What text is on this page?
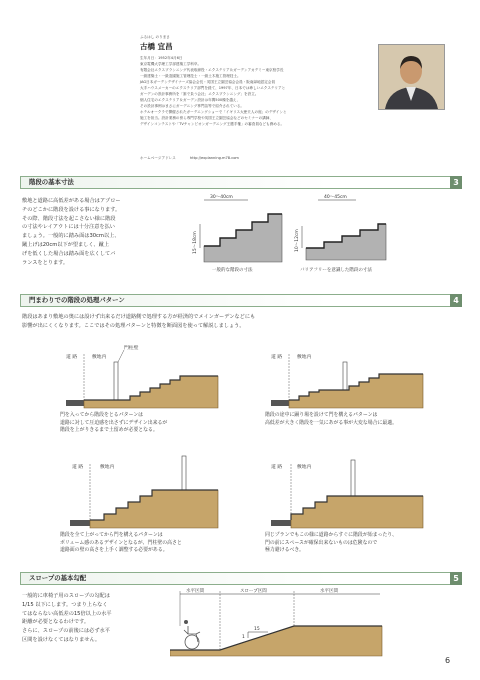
ふるはし のりまさ
古橋 宜昌

生年月日：1952年4月6日

東京電機大学理工学部建築工学科卒。

有限会社エクスプランニング代表取締役・エクステリア＆ガーデンアカデミー東京校学長

一級建築士・一級造園施工管理技士・一級土木施工管理技士。

JAG日本ガーデンデザイナーズ協会会長・英国王立園芸協会会員・阪南緑地認定会員

大手ハウスメーカーのエクステリア部門を経て、1997年、日本では珍しいエクステリアと

ガーデンの設計事務所を「誰で負う会社」エクスプランニング」を設立。

個人住宅のエクステリア＆ガーデン設計は年間500棟を越え、

その設計事例はまさにガーデニング専門誌等で紹介されている。

ホテルオークラで開催されたガーデニングショーで「イギリス大使夫人の庭」のデザインと

施工を担当。設計業務の傍ら専門学校や英国王立園芸協会などのセミナーの講師、

デザインコンテストや「TVチャンピオンガーデニング王選手権」の審査員なども務める。

ホームページアドレス	http://explanning.m78.com
階段の基本寸法	3
敷地と道路に高低差がある場合はアプロー
チのどこかに階段を設ける事になります。
その際、階段寸法を起こさない様に階段
の寸法やレイアウトには十分注意を払い
ましょう。一般的に踏み面は30cm以上、
蹴上げは20cm以下が望ましく、蹴上
げを低くした場合は踏み面を広くしてバ
ランスをとります。
30〜40cm
15〜18cm
一般的な階段の寸法
40〜45cm
10〜12cm
バリアフリーを意識した階段の寸法
門まわりでの階段の処理パターン	4
階段はあまり敷地の奥には設けず出来るだけ道路側で処理する方が経済的でメインガーデンなどにも
影響が出にくくなります。ここではその処理パターンと特徴を断面図を使って解説しましょう。
道 路	敷地内
門柱壁
門を入ってから階段をとるパターンは
道路に対して圧迫感を出さずにデザイン出来るが
階段を上がりきるまで土留めが必要となる。
道 路	敷地内
階段の途中に踊り場を設けて門を構えるパターンは
高低差が大きく階段を一気にあがる事が大変な場合に最適。
道 路	敷地内
階段を全て上がってから門を構えるパターンは
ボリューム感のあるデザインとなるが、門柱壁の高さと
道路面の壁の高さを上手く調整する必要がある。
道 路	敷地内
同じプランでもこの様に道路からすぐに階段が始まったり、
門の前にスペースが確保出来ないものは危険なので
極力避けるべき。
スロープの基本勾配	5
一般的に車椅子用のスロープの勾配は
1/15 以下にします。つまり上らなく
てはならない高低差の15倍以上の水平
距離が必要となるわけです。
さらに、スロープの前後には必ず水平
区間を設けなくてはなりません。
水平区間	スロープ区間	水平区間
15
1
6
